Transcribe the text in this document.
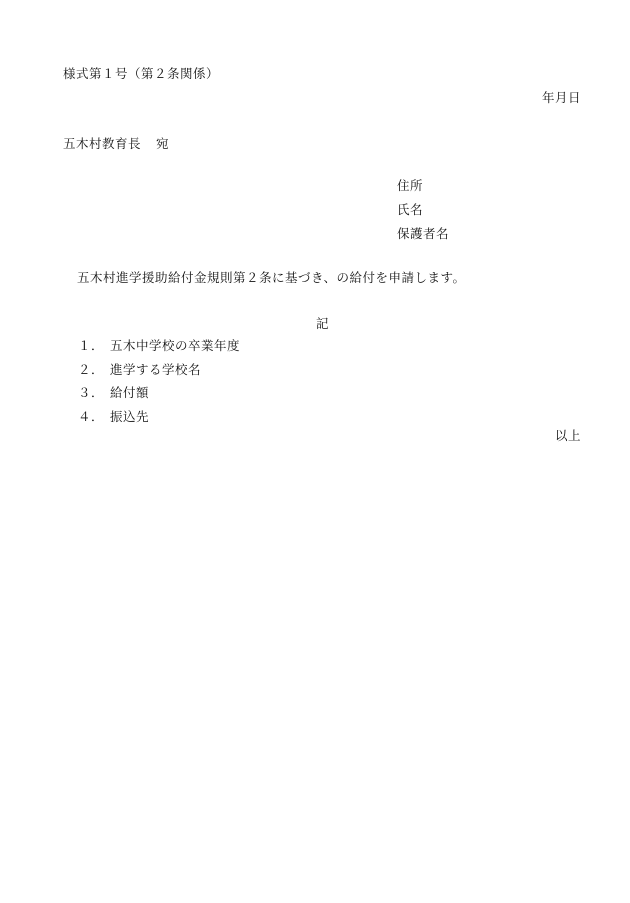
様式第１号（第２条関係）
年月日
五木村教育長 宛
住所
氏名
保護者名
五木村進学援助給付金規則第２条に基づき、の給付を申請します。
記
１． 五木中学校の卒業年度
２． 進学する学校名
３． 給付額
４． 振込先
以上
